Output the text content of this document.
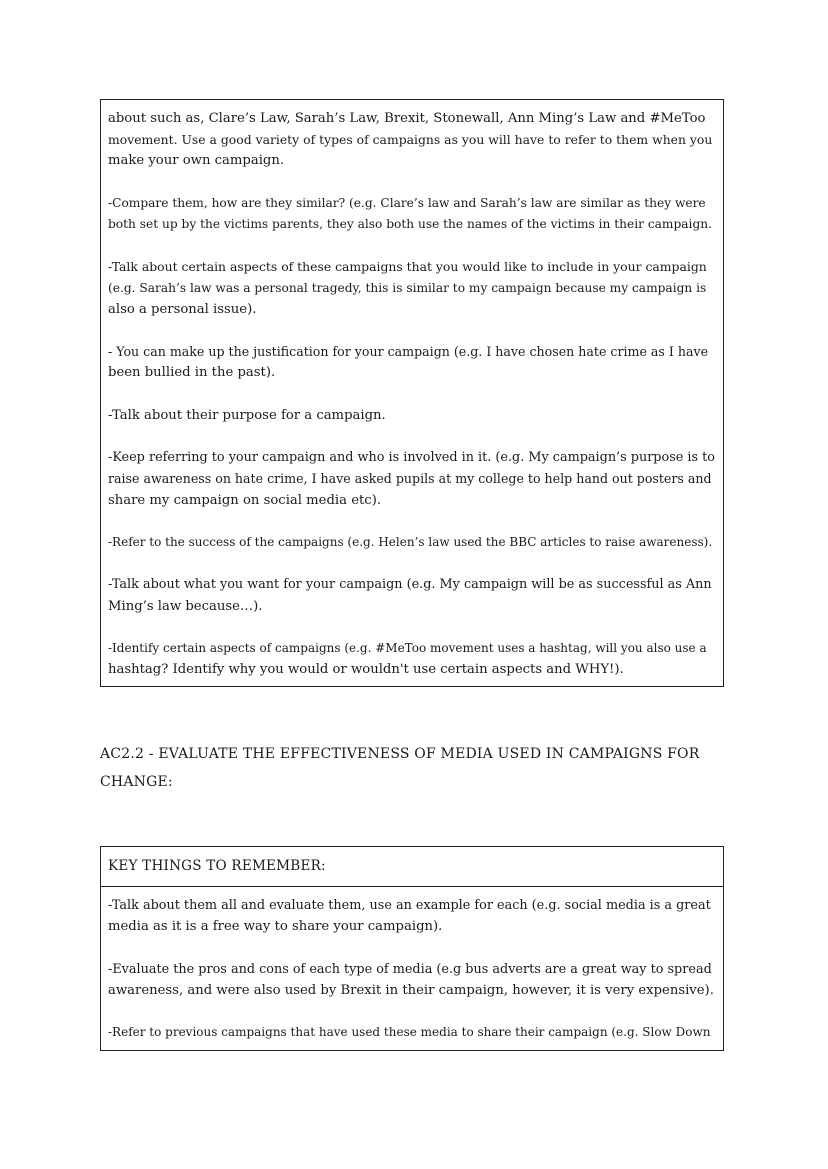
about such as, Clare’s Law, Sarah’s Law, Brexit, Stonewall, Ann Ming’s Law and #MeToo

movement. Use a good variety of types of campaigns as you will have to refer to them when you

make your own campaign.

-Compare them, how are they similar? (e.g. Clare’s law and Sarah’s law are similar as they were

both set up by the victims parents, they also both use the names of the victims in their campaign.

-Talk about certain aspects of these campaigns that you would like to include in your campaign

(e.g. Sarah’s law was a personal tragedy, this is similar to my campaign because my campaign is

also a personal issue).

- You can make up the justification for your campaign (e.g. I have chosen hate crime as I have

been bullied in the past).

-Talk about their purpose for a campaign.

-Keep referring to your campaign and who is involved in it. (e.g. My campaign’s purpose is to

raise awareness on hate crime, I have asked pupils at my college to help hand out posters and

share my campaign on social media etc).

-Refer to the success of the campaigns (e.g. Helen’s law used the BBC articles to raise awareness).

-Talk about what you want for your campaign (e.g. My campaign will be as successful as Ann

Ming’s law because…).

-Identify certain aspects of campaigns (e.g. #MeToo movement uses a hashtag, will you also use a

hashtag? Identify why you would or wouldn't use certain aspects and WHY!).

AC2.2 - EVALUATE THE EFFECTIVENESS OF MEDIA USED IN CAMPAIGNS FOR
CHANGE:
KEY THINGS TO REMEMBER:

-Talk about them all and evaluate them, use an example for each (e.g. social media is a great

media as it is a free way to share your campaign).

-Evaluate the pros and cons of each type of media (e.g bus adverts are a great way to spread

awareness, and were also used by Brexit in their campaign, however, it is very expensive).

-Refer to previous campaigns that have used these media to share their campaign (e.g. Slow Down
